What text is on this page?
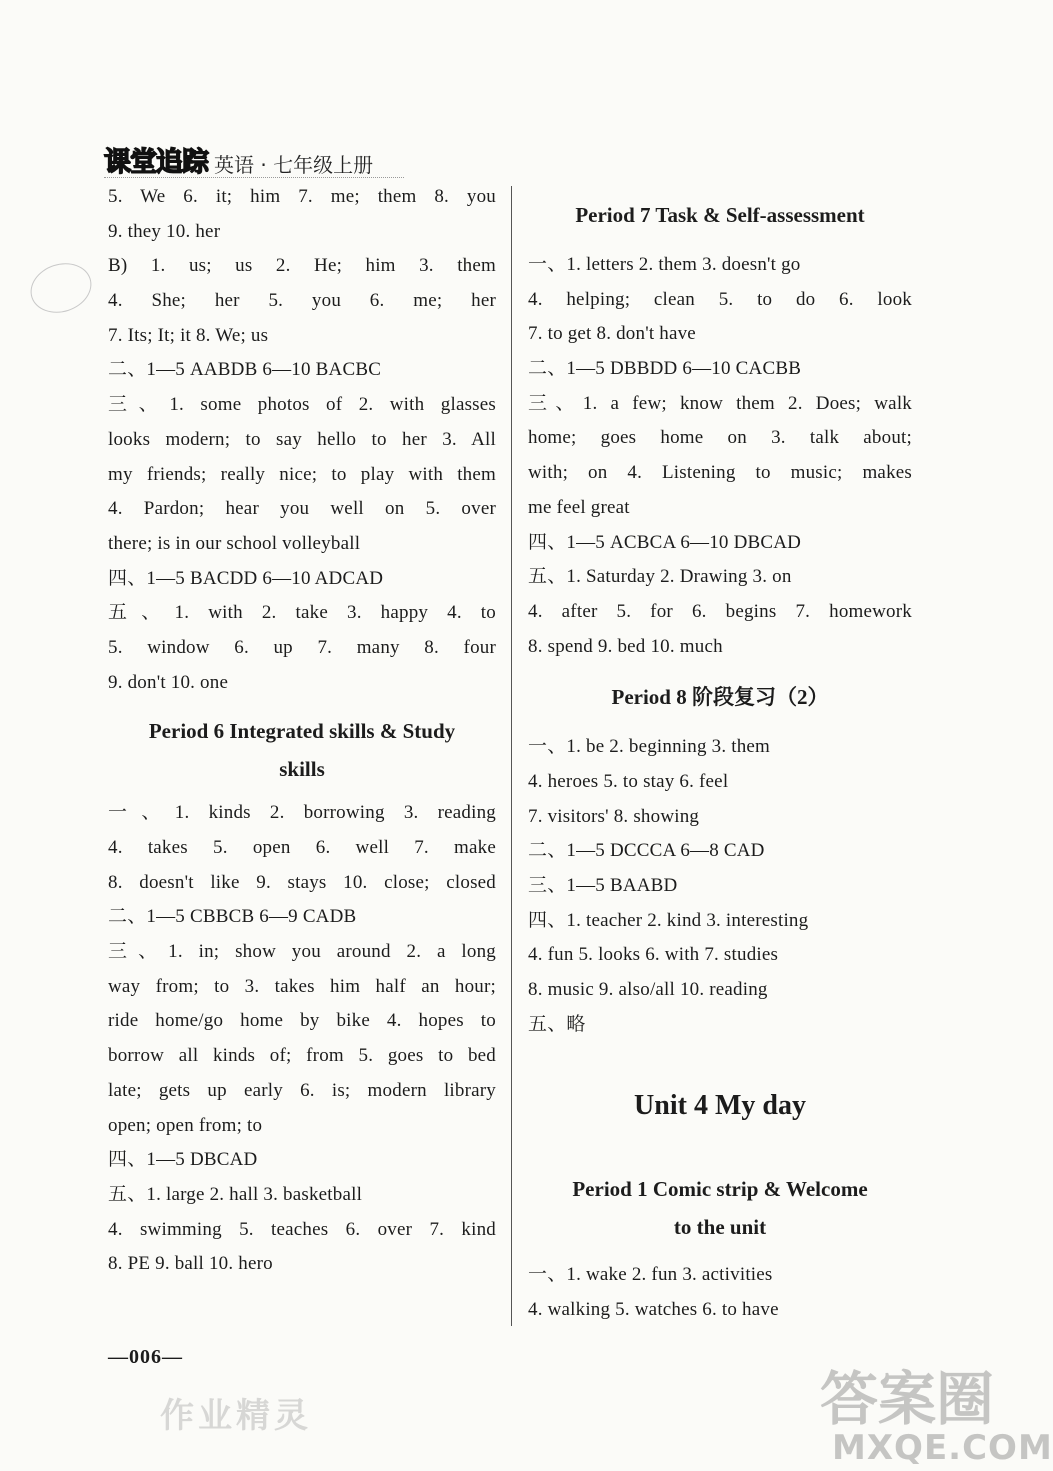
课堂追踪 英语 · 七年级上册
5. We 6. it; him 7. me; them 8. you
9. they 10. her
B) 1. us; us 2. He; him 3. them
4. She; her 5. you 6. me; her
7. Its; It; it 8. We; us
二、1—5 AABDB 6—10 BACBC
三、1. some photos of 2. with glasses
looks modern; to say hello to her 3. All
my friends; really nice; to play with them
4. Pardon; hear you well on 5. over
there; is in our school volleyball
四、1—5 BACDD 6—10 ADCAD
五、1. with 2. take 3. happy 4. to
5. window 6. up 7. many 8. four
9. don't 10. one
Period 6 Integrated skills & Study
skills
一、1. kinds 2. borrowing 3. reading
4. takes 5. open 6. well 7. make
8. doesn't like 9. stays 10. close; closed
二、1—5 CBBCB 6—9 CADB
三、1. in; show you around 2. a long
way from; to 3. takes him half an hour;
ride home/go home by bike 4. hopes to
borrow all kinds of; from 5. goes to bed
late; gets up early 6. is; modern library
open; open from; to
四、1—5 DBCAD
五、1. large 2. hall 3. basketball
4. swimming 5. teaches 6. over 7. kind
8. PE 9. ball 10. hero
Period 7 Task & Self-assessment
一、1. letters 2. them 3. doesn't go
4. helping; clean 5. to do 6. look
7. to get 8. don't have
二、1—5 DBBDD 6—10 CACBB
三、1. a few; know them 2. Does; walk
home; goes home on 3. talk about;
with; on 4. Listening to music; makes
me feel great
四、1—5 ACBCA 6—10 DBCAD
五、1. Saturday 2. Drawing 3. on
4. after 5. for 6. begins 7. homework
8. spend 9. bed 10. much
Period 8 阶段复习（2）
一、1. be 2. beginning 3. them
4. heroes 5. to stay 6. feel
7. visitors' 8. showing
二、1—5 DCCCA 6—8 CAD
三、1—5 BAABD
四、1. teacher 2. kind 3. interesting
4. fun 5. looks 6. with 7. studies
8. music 9. also/all 10. reading
五、略
Unit 4 My day
Period 1 Comic strip & Welcome
to the unit
一、1. wake 2. fun 3. activities
4. walking 5. watches 6. to have
—006—
作业精灵	答案圈
MXQE.COM
